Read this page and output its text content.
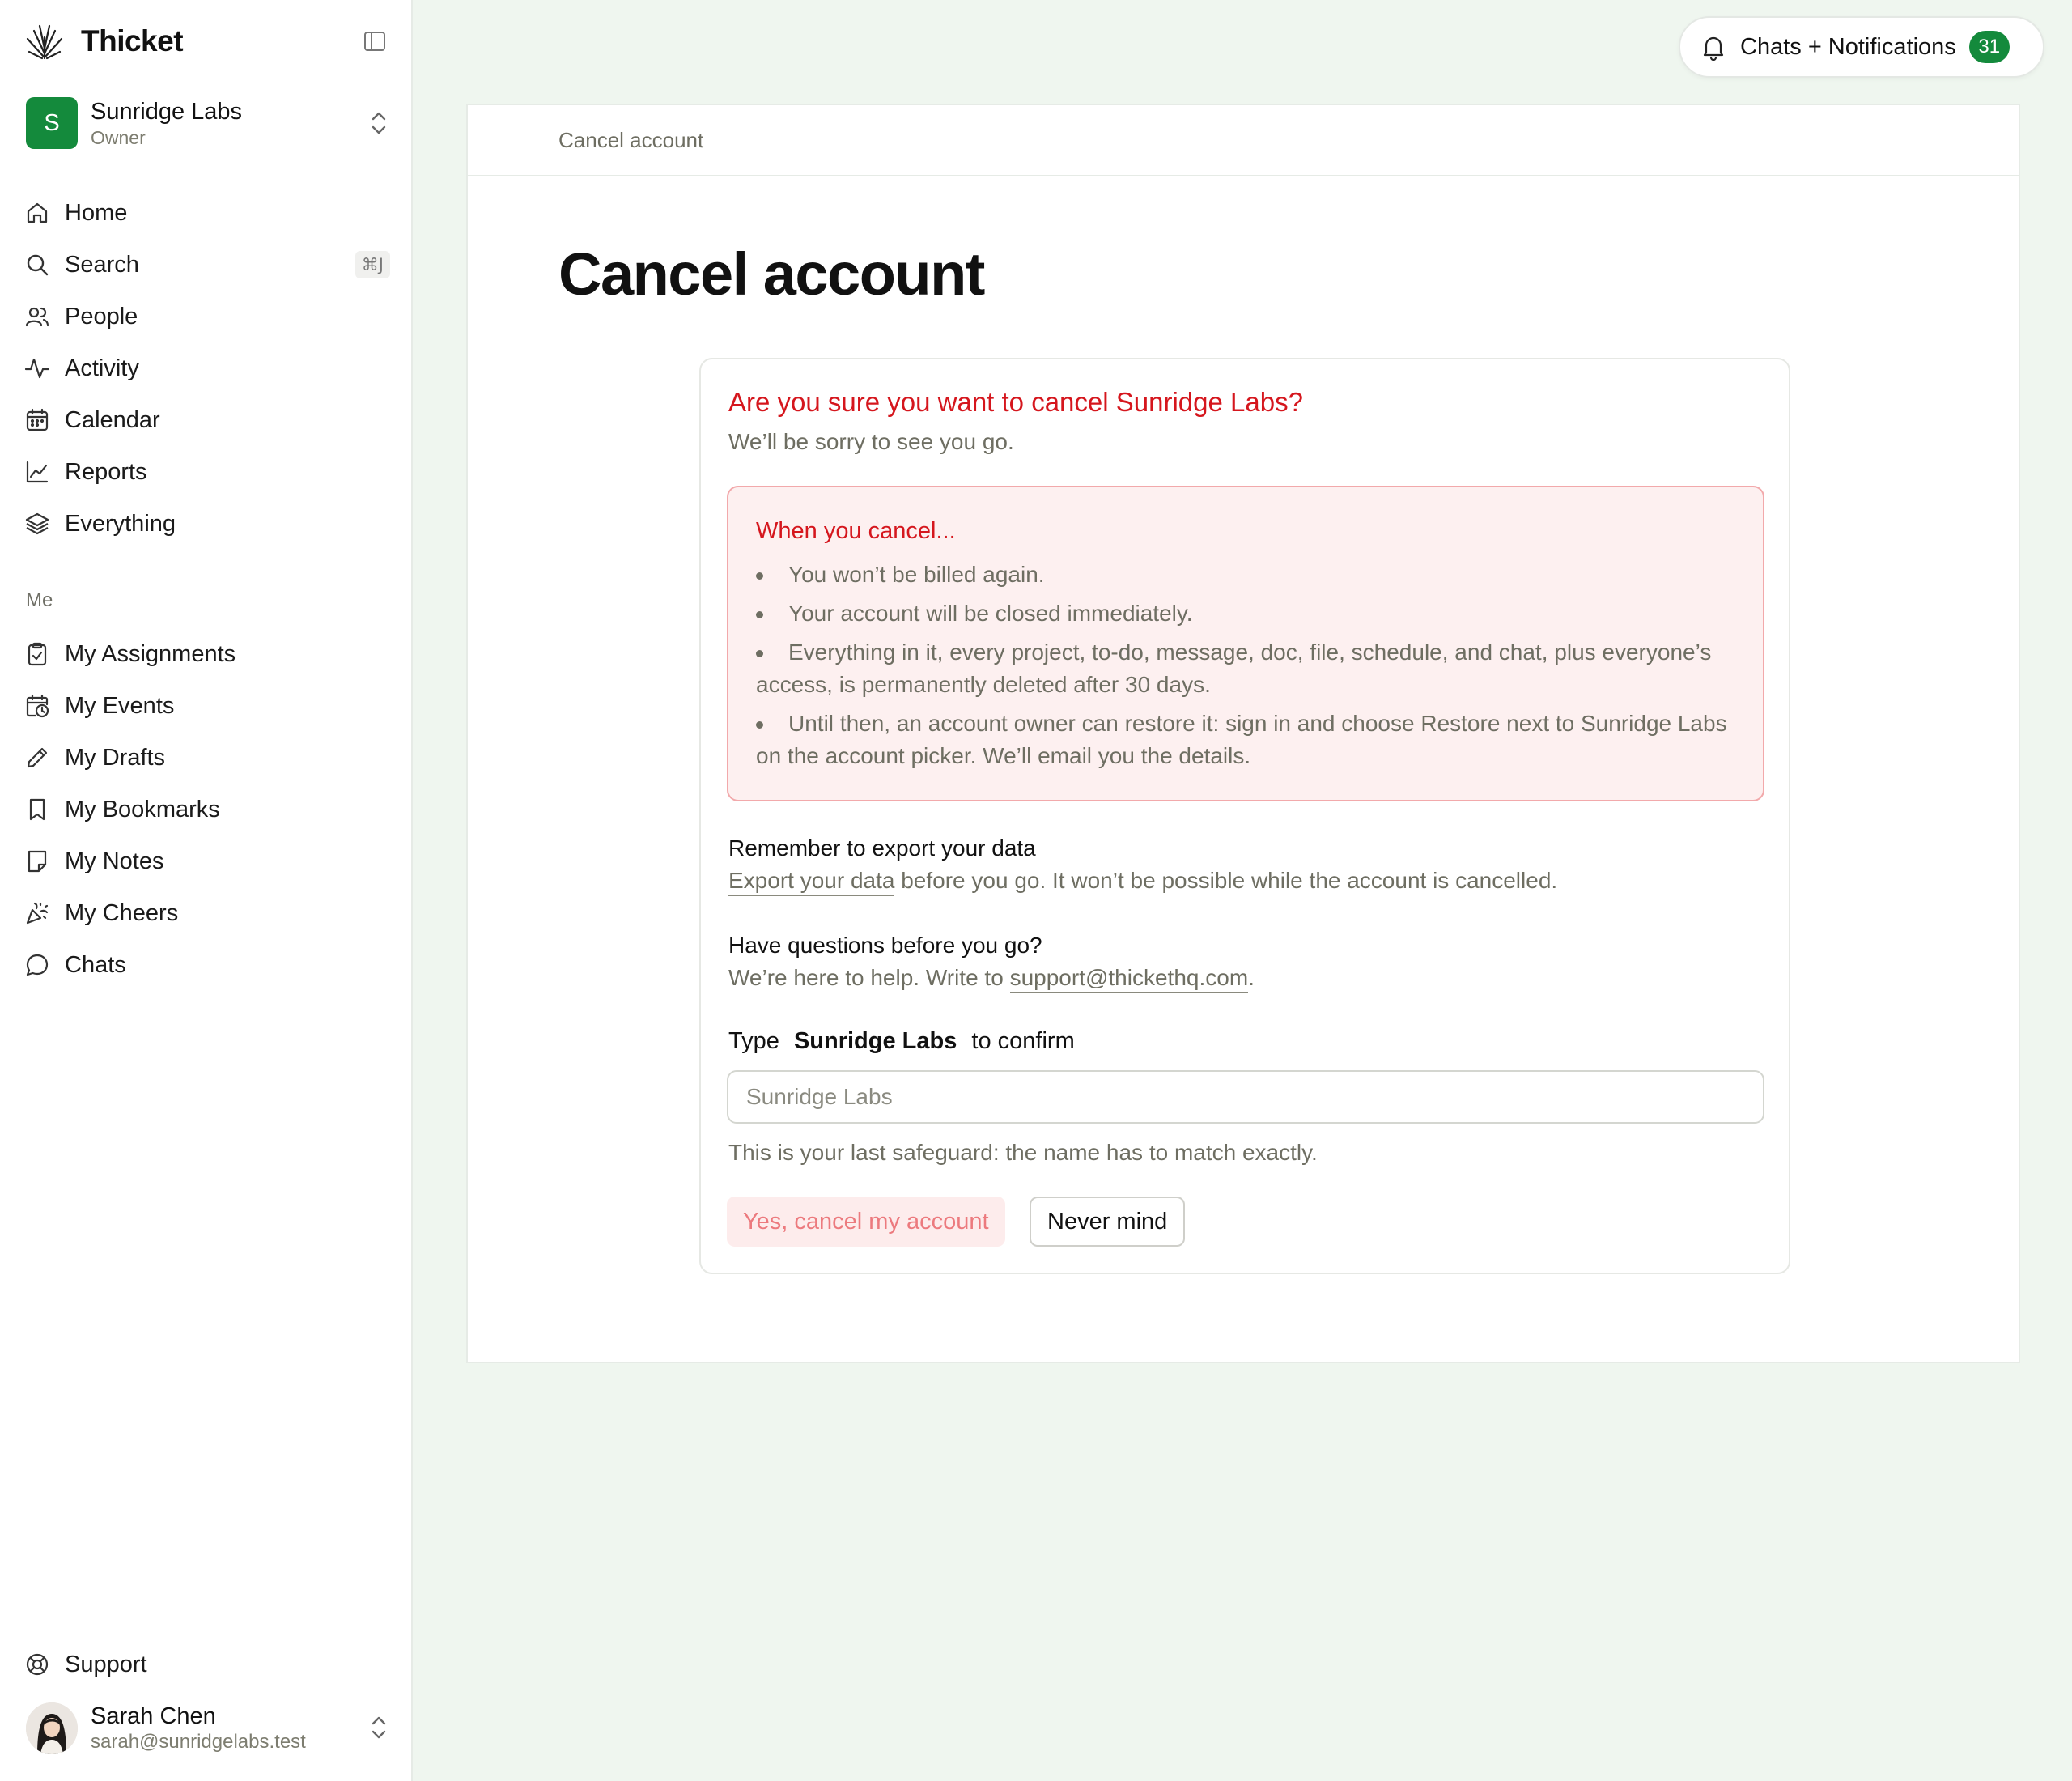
Thicket
S	Sunridge Labs
Owner
Home
Search	⌘J
People
Activity
Calendar
Reports
Everything
Me
My Assignments
My Events
My Drafts
My Bookmarks
My Notes
My Cheers
Chats
Support
Sarah Chen
sarah@sunridgelabs.test
Chats + Notifications	31
Cancel account
Cancel account
Are you sure you want to cancel Sunridge Labs?
We’ll be sorry to see you go.
When you cancel...
You won’t be billed again.
Your account will be closed immediately.
Everything in it, every project, to-do, message, doc, file, schedule, and chat, plus everyone’s access, is permanently deleted after 30 days.
Until then, an account owner can restore it: sign in and choose Restore next to Sunridge Labs on the account picker. We’ll email you the details.
Remember to export your data
Export your data before you go. It won’t be possible while the account is cancelled.
Have questions before you go?
We’re here to help. Write to support@thickethq.com.
Type Sunridge Labs to confirm
Sunridge Labs
This is your last safeguard: the name has to match exactly.
Yes, cancel my account	Never mind
